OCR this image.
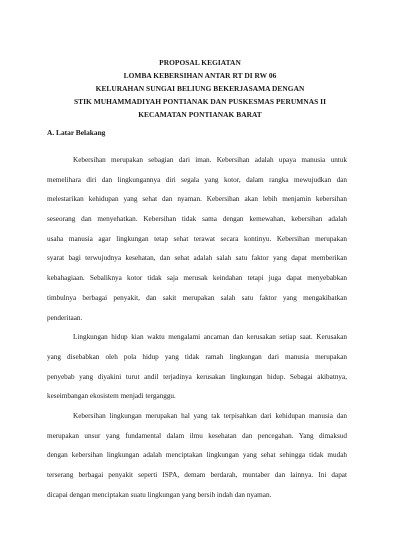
PROPOSAL KEGIATAN
LOMBA KEBERSIHAN ANTAR RT DI RW 06
KELURAHAN SUNGAI BELIUNG BEKERJASAMA DENGAN
STIK MUHAMMADIYAH PONTIANAK DAN PUSKESMAS PERUMNAS II
KECAMATAN PONTIANAK BARAT
A. Latar Belakang
Kebersihan merupakan sebagian dari iman. Kebersihan adalah upaya manusia untuk
memelihara diri dan lingkungannya diri segala yang kotor, dalam rangka mewujudkan dan
melestarikan kehidupan yang sehat dan nyaman. Kebersihan akan lebih menjamin kebersihan
seseorang dan menyehatkan. Kebersihan tidak sama dengan kemewahan, kebersihan adalah
usaha manusia agar lingkungan tetap sehat terawat secara kontinyu. Kebersihan merupakan
syarat bagi terwujudnya kesehatan, dan sehat adalah salah satu faktor yang dapat memberikan
kebahagiaan. Sebaliknya kotor tidak saja merusak keindahan tetapi juga dapat menyebabkan
timbulnya berbagai penyakit, dan sakit merupakan salah satu faktor yang mengakibatkan
penderitaan.
Lingkungan hidup kian waktu mengalami ancaman dan kerusakan setiap saat. Kerusakan
yang disebabkan oleh pola hidup yang tidak ramah lingkungan dari manusia merupakan
penyebab yang diyakini turut andil terjadinya kerusakan lingkungan hidup. Sebagai akibatnya,
keseimbangan ekosistem menjadi terganggu.
Kebersihan lingkungan merupakan hal yang tak terpisahkan dari kehidupan manusia dan
merupakan unsur yang fundamental dalam ilmu kesehatan dan pencegahan. Yang dimaksud
dengan kebersihan lingkungan adalah menciptakan lingkungan yang sehat sehingga tidak mudah
terserang berbagai penyakit seperti ISPA, demam berdarah, muntaber dan lainnya. Ini dapat
dicapai dengan menciptakan suatu lingkungan yang bersih indah dan nyaman.
